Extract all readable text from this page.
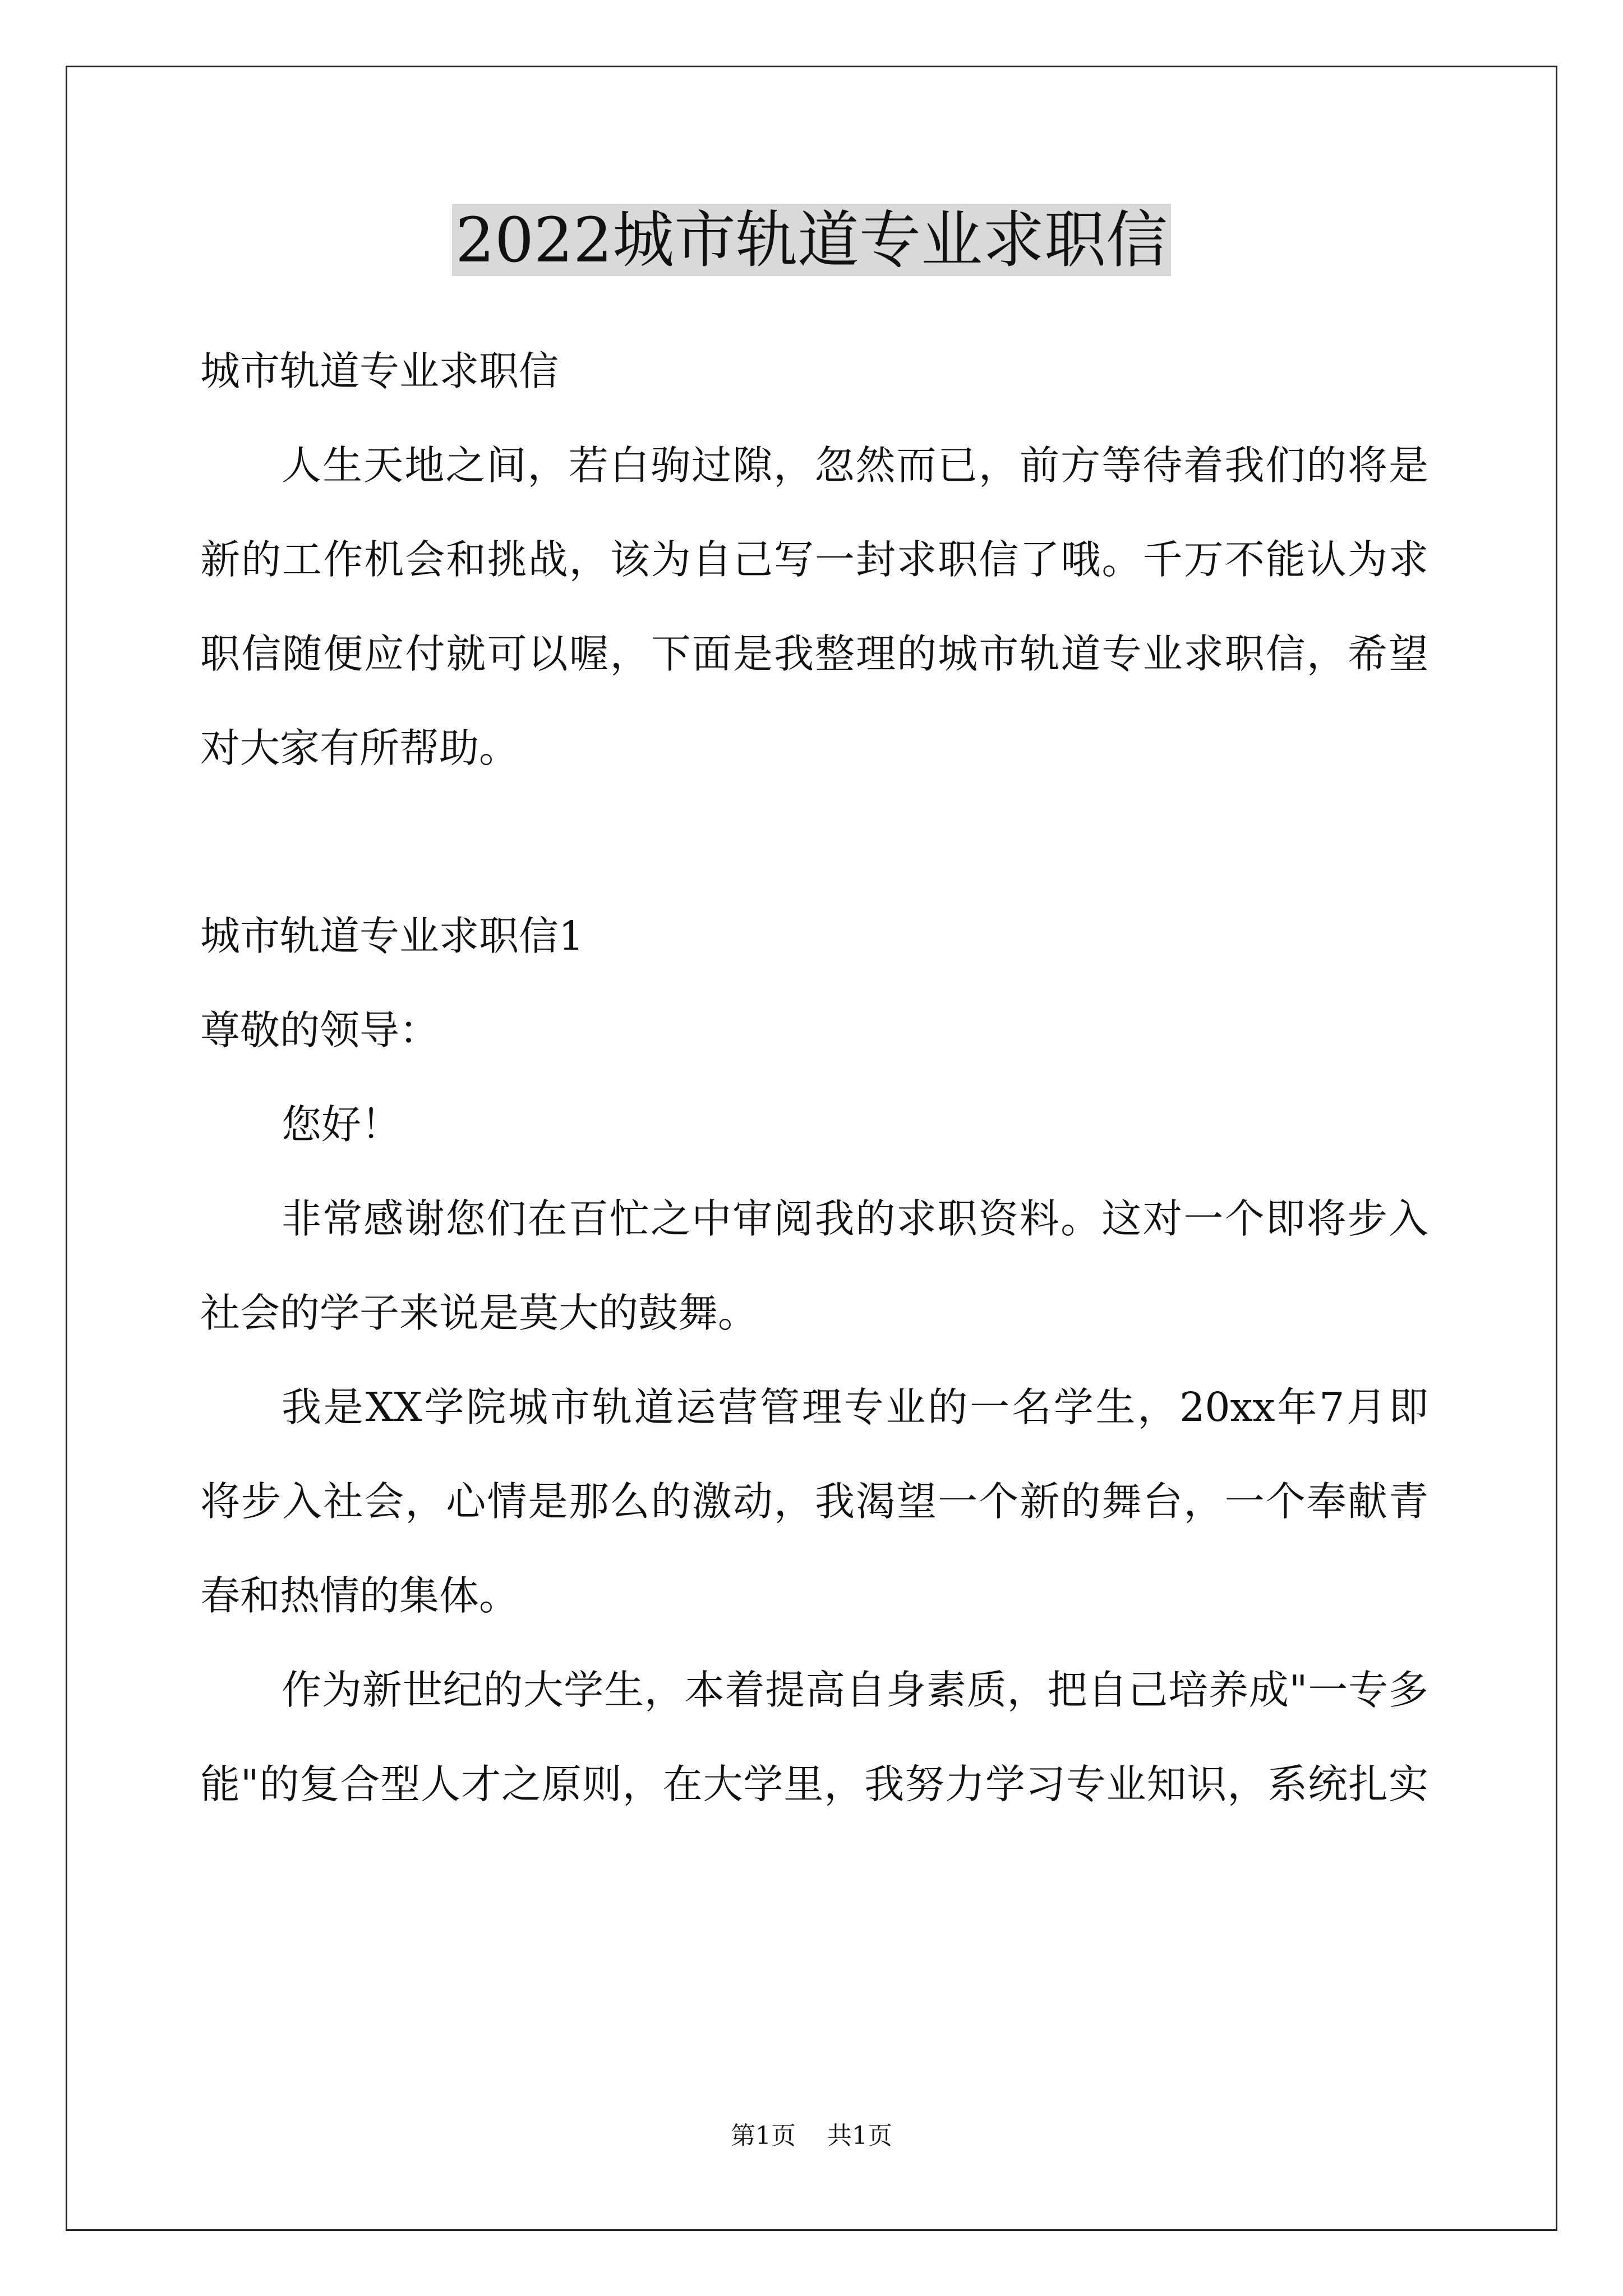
2022城市轨道专业求职信

城市轨道专业求职信

人生天地之间，若白驹过隙，忽然而已，前方等待着我们的将是

新的工作机会和挑战，该为自己写一封求职信了哦。千万不能认为求

职信随便应付就可以喔，下面是我整理的城市轨道专业求职信，希望

对大家有所帮助。

城市轨道专业求职信1

尊敬的领导：

您好！

非常感谢您们在百忙之中审阅我的求职资料。这对一个即将步入

社会的学子来说是莫大的鼓舞。

我是XX学院城市轨道运营管理专业的一名学生，20xx年7月即

将步入社会，心情是那么的激动，我渴望一个新的舞台，一个奉献青

春和热情的集体。

作为新世纪的大学生，本着提高自身素质，把自己培养成"一专多

能"的复合型人才之原则，在大学里，我努力学习专业知识，系统扎实

第1页 共1页
